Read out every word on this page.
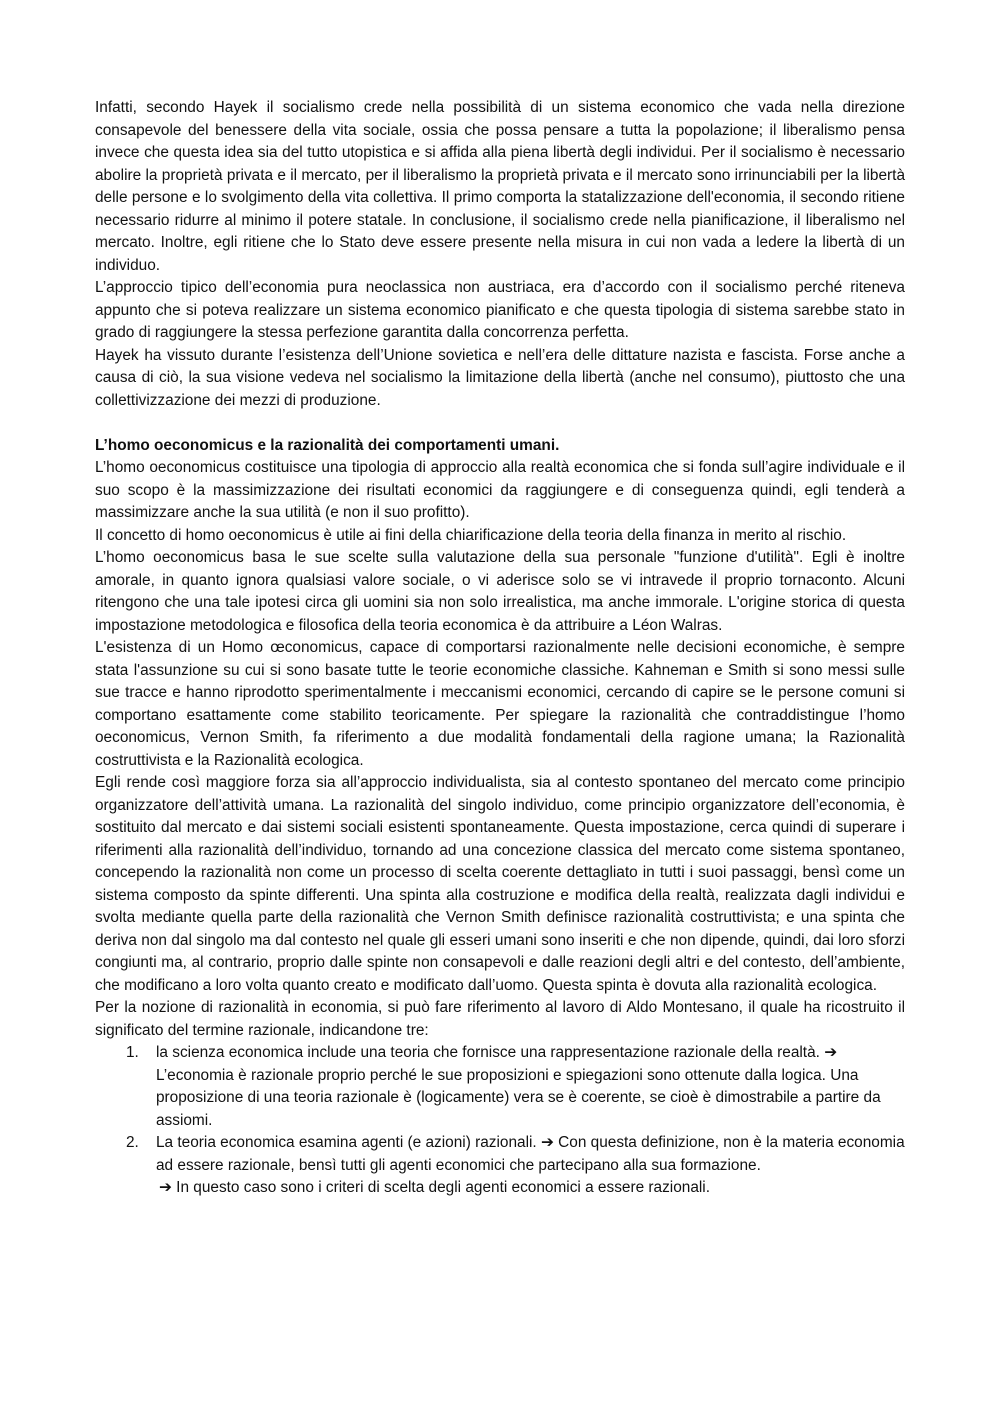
Infatti, secondo Hayek il socialismo crede nella possibilità di un sistema economico che vada nella direzione consapevole del benessere della vita sociale, ossia che possa pensare a tutta la popolazione; il liberalismo pensa invece che questa idea sia del tutto utopistica e si affida alla piena libertà degli individui. Per il socialismo è necessario abolire la proprietà privata e il mercato, per il liberalismo la proprietà privata e il mercato sono irrinunciabili per la libertà delle persone e lo svolgimento della vita collettiva. Il primo comporta la statalizzazione dell'economia, il secondo ritiene necessario ridurre al minimo il potere statale. In conclusione, il socialismo crede nella pianificazione, il liberalismo nel mercato. Inoltre, egli ritiene che lo Stato deve essere presente nella misura in cui non vada a ledere la libertà di un individuo.

L’approccio tipico dell’economia pura neoclassica non austriaca, era d’accordo con il socialismo perché riteneva appunto che si poteva realizzare un sistema economico pianificato e che questa tipologia di sistema sarebbe stato in grado di raggiungere la stessa perfezione garantita dalla concorrenza perfetta.

Hayek ha vissuto durante l’esistenza dell’Unione sovietica e nell’era delle dittature nazista e fascista. Forse anche a causa di ciò, la sua visione vedeva nel socialismo la limitazione della libertà (anche nel consumo), piuttosto che una collettivizzazione dei mezzi di produzione.

L’homo oeconomicus e la razionalità dei comportamenti umani.

L’homo oeconomicus costituisce una tipologia di approccio alla realtà economica che si fonda sull’agire individuale e il suo scopo è la massimizzazione dei risultati economici da raggiungere e di conseguenza quindi, egli tenderà a massimizzare anche la sua utilità (e non il suo profitto).

Il concetto di homo oeconomicus è utile ai fini della chiarificazione della teoria della finanza in merito al rischio.

L’homo oeconomicus basa le sue scelte sulla valutazione della sua personale "funzione d'utilità". Egli è inoltre amorale, in quanto ignora qualsiasi valore sociale, o vi aderisce solo se vi intravede il proprio tornaconto. Alcuni ritengono che una tale ipotesi circa gli uomini sia non solo irrealistica, ma anche immorale. L'origine storica di questa impostazione metodologica e filosofica della teoria economica è da attribuire a Léon Walras.

L'esistenza di un Homo œconomicus, capace di comportarsi razionalmente nelle decisioni economiche, è sempre stata l'assunzione su cui si sono basate tutte le teorie economiche classiche. Kahneman e Smith si sono messi sulle sue tracce e hanno riprodotto sperimentalmente i meccanismi economici, cercando di capire se le persone comuni si comportano esattamente come stabilito teoricamente. Per spiegare la razionalità che contraddistingue l’homo oeconomicus, Vernon Smith, fa riferimento a due modalità fondamentali della ragione umana; la Razionalità costruttivista e la Razionalità ecologica.

Egli rende così maggiore forza sia all’approccio individualista, sia al contesto spontaneo del mercato come principio organizzatore dell’attività umana. La razionalità del singolo individuo, come principio organizzatore dell’economia, è sostituito dal mercato e dai sistemi sociali esistenti spontaneamente. Questa impostazione, cerca quindi di superare i riferimenti alla razionalità dell’individuo, tornando ad una concezione classica del mercato come sistema spontaneo, concependo la razionalità non come un processo di scelta coerente dettagliato in tutti i suoi passaggi, bensì come un sistema composto da spinte differenti. Una spinta alla costruzione e modifica della realtà, realizzata dagli individui e svolta mediante quella parte della razionalità che Vernon Smith definisce razionalità costruttivista; e una spinta che deriva non dal singolo ma dal contesto nel quale gli esseri umani sono inseriti e che non dipende, quindi, dai loro sforzi congiunti ma, al contrario, proprio dalle spinte non consapevoli e dalle reazioni degli altri e del contesto, dell’ambiente, che modificano a loro volta quanto creato e modificato dall’uomo. Questa spinta è dovuta alla razionalità ecologica.

Per la nozione di razionalità in economia, si può fare riferimento al lavoro di Aldo Montesano, il quale ha ricostruito il significato del termine razionale, indicandone tre:

1. la scienza economica include una teoria che fornisce una rappresentazione razionale della realtà. ➔ L’economia è razionale proprio perché le sue proposizioni e spiegazioni sono ottenute dalla logica. Una proposizione di una teoria razionale è (logicamente) vera se è coerente, se cioè è dimostrabile a partire da assiomi.
2. La teoria economica esamina agenti (e azioni) razionali. ➔ Con questa definizione, non è la materia economia ad essere razionale, bensì tutti gli agenti economici che partecipano alla sua formazione.
➔ In questo caso sono i criteri di scelta degli agenti economici a essere razionali.
